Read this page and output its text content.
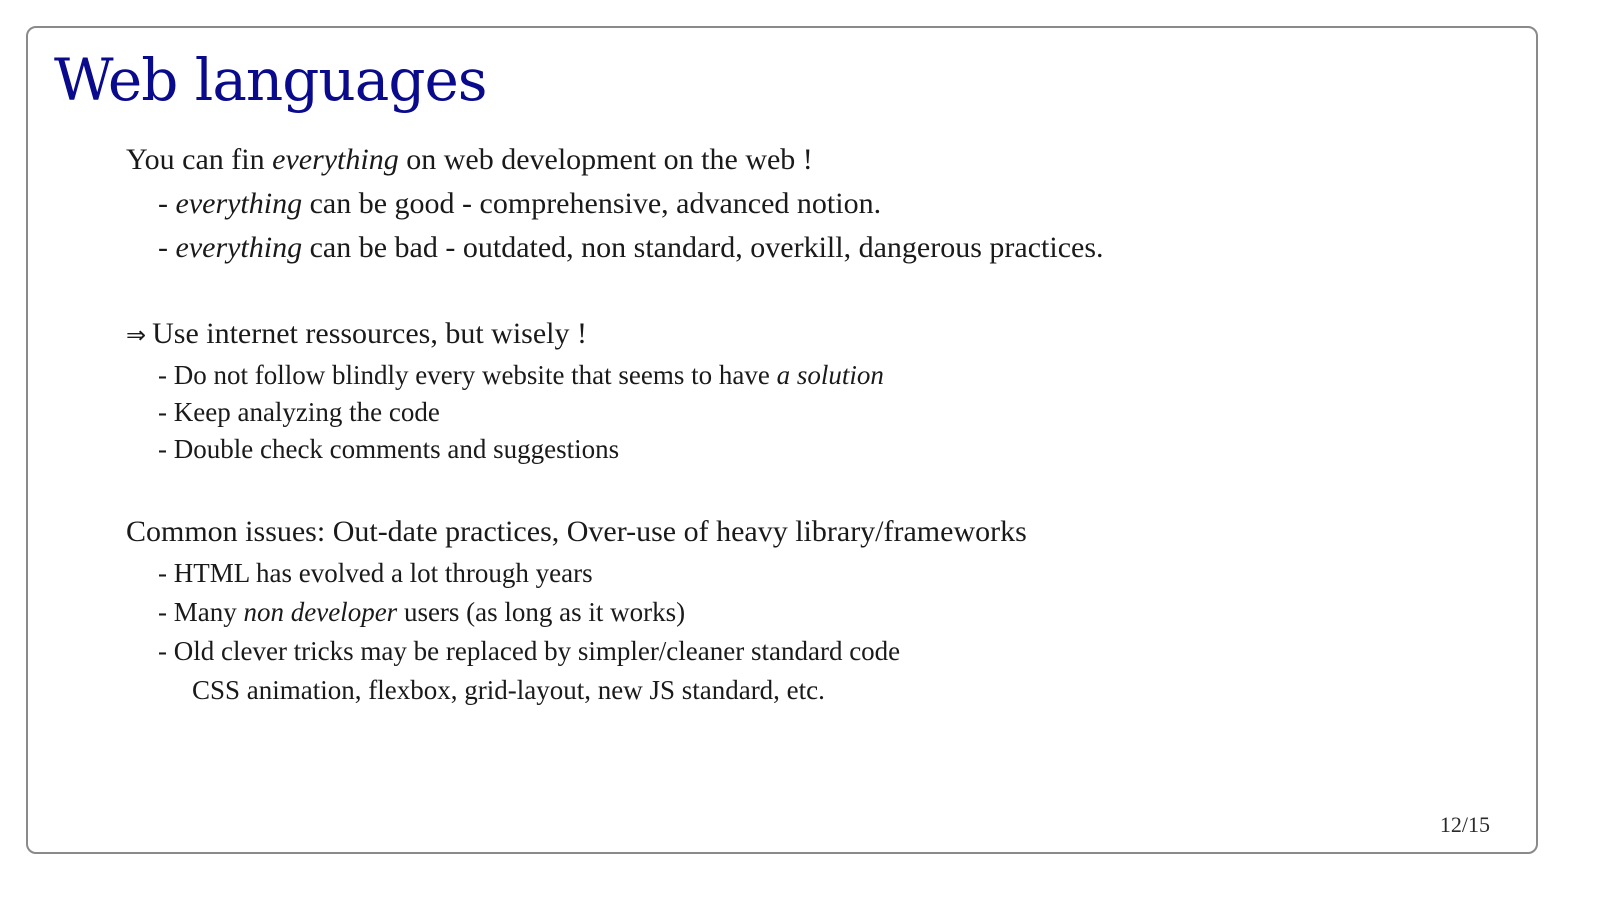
Web languages
You can fin everything on web development on the web !
- everything can be good - comprehensive, advanced notion.
- everything can be bad - outdated, non standard, overkill, dangerous practices.
⇒ Use internet ressources, but wisely !
- Do not follow blindly every website that seems to have a solution
- Keep analyzing the code
- Double check comments and suggestions
Common issues: Out-date practices, Over-use of heavy library/frameworks
- HTML has evolved a lot through years
- Many non developer users (as long as it works)
- Old clever tricks may be replaced by simpler/cleaner standard code
CSS animation, flexbox, grid-layout, new JS standard, etc.
12/15
